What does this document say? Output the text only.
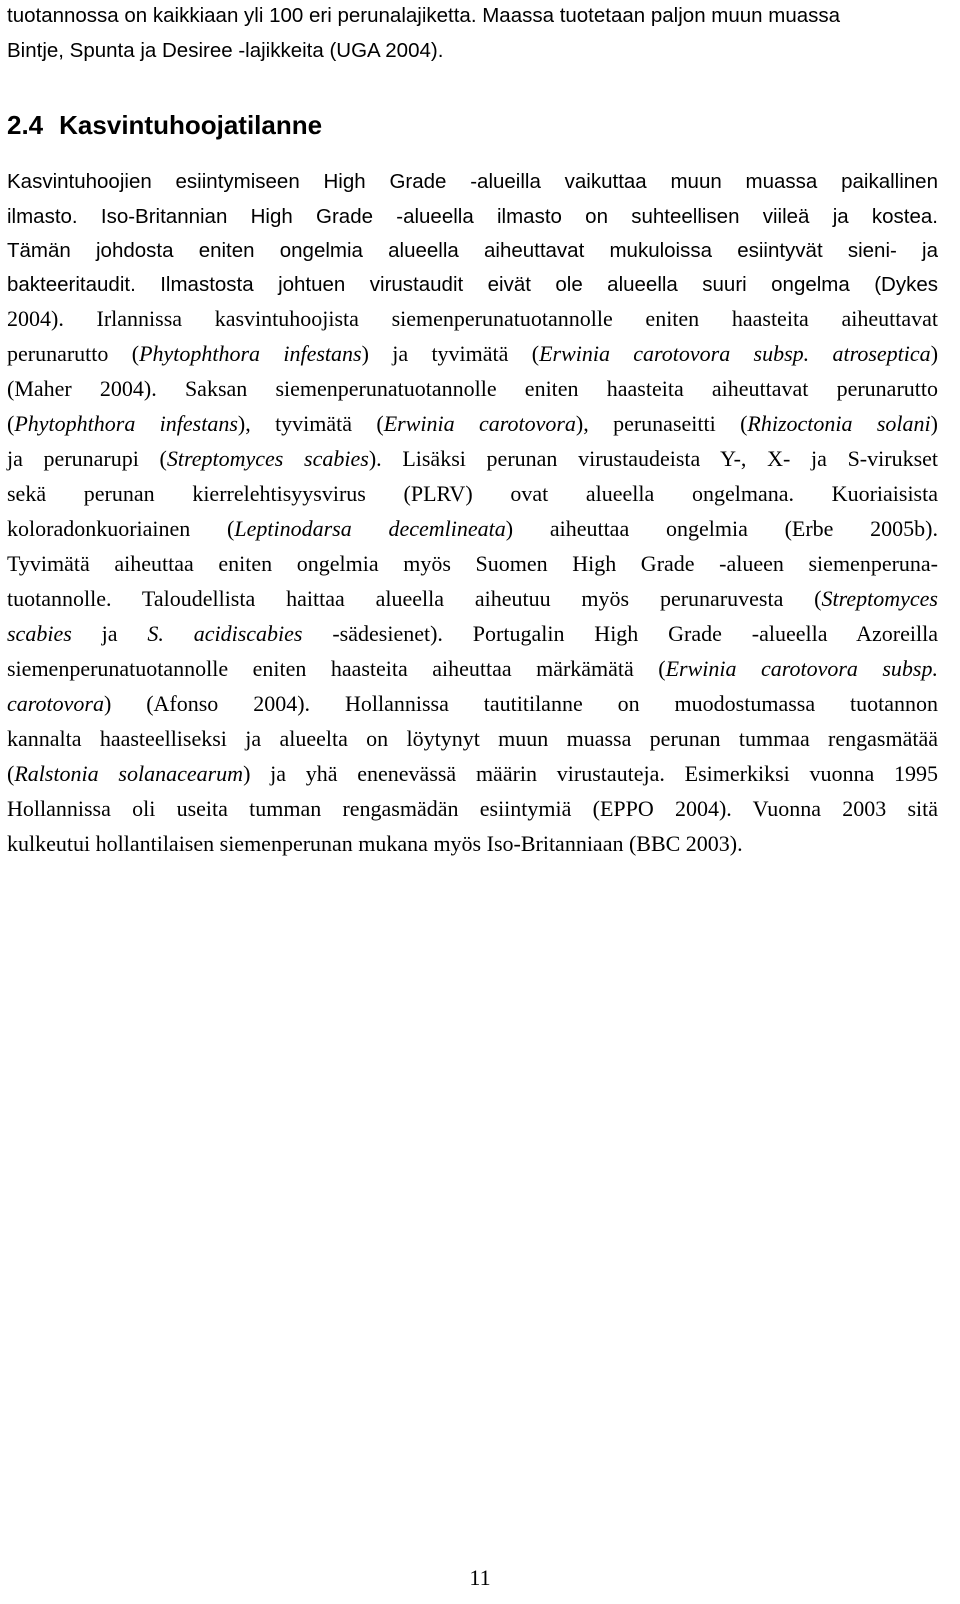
tuotannossa on kaikkiaan yli 100 eri perunalajiketta. Maassa tuotetaan paljon muun muassa
Bintje, Spunta ja Desiree -lajikkeita (UGA 2004).
2.4 Kasvintuhoojatilanne
Kasvintuhoojien esiintymiseen High Grade -alueilla vaikuttaa muun muassa paikallinen
ilmasto. Iso-Britannian High Grade -alueella ilmasto on suhteellisen viileä ja kostea.
Tämän johdosta eniten ongelmia alueella aiheuttavat mukuloissa esiintyvät sieni- ja
bakteeritaudit. Ilmastosta johtuen virustaudit eivät ole alueella suuri ongelma (Dykes
2004). Irlannissa kasvintuhoojista siemenperunatuotannolle eniten haasteita aiheuttavat
perunarutto (Phytophthora infestans) ja tyvimätä (Erwinia carotovora subsp. atroseptica)
(Maher 2004). Saksan siemenperunatuotannolle eniten haasteita aiheuttavat perunarutto
(Phytophthora infestans), tyvimätä (Erwinia carotovora), perunaseitti (Rhizoctonia solani)
ja perunarupi (Streptomyces scabies). Lisäksi perunan virustaudeista Y-, X- ja S-virukset
sekä perunan kierrelehtisyysvirus (PLRV) ovat alueella ongelmana. Kuoriaisista
koloradonkuoriainen (Leptinodarsa decemlineata) aiheuttaa ongelmia (Erbe 2005b).
Tyvimätä aiheuttaa eniten ongelmia myös Suomen High Grade -alueen siemenperuna-
tuotannolle. Taloudellista haittaa alueella aiheutuu myös perunaruvesta (Streptomyces
scabies ja S. acidiscabies -sädesienet). Portugalin High Grade -alueella Azoreilla
siemenperunatuotannolle eniten haasteita aiheuttaa märkämätä (Erwinia carotovora subsp.
carotovora) (Afonso 2004). Hollannissa tautitilanne on muodostumassa tuotannon
kannalta haasteelliseksi ja alueelta on löytynyt muun muassa perunan tummaa rengasmätää
(Ralstonia solanacearum) ja yhä enenevässä määrin virustauteja. Esimerkiksi vuonna 1995
Hollannissa oli useita tumman rengasmädän esiintymiä (EPPO 2004). Vuonna 2003 sitä
kulkeutui hollantilaisen siemenperunan mukana myös Iso-Britanniaan (BBC 2003).
11
